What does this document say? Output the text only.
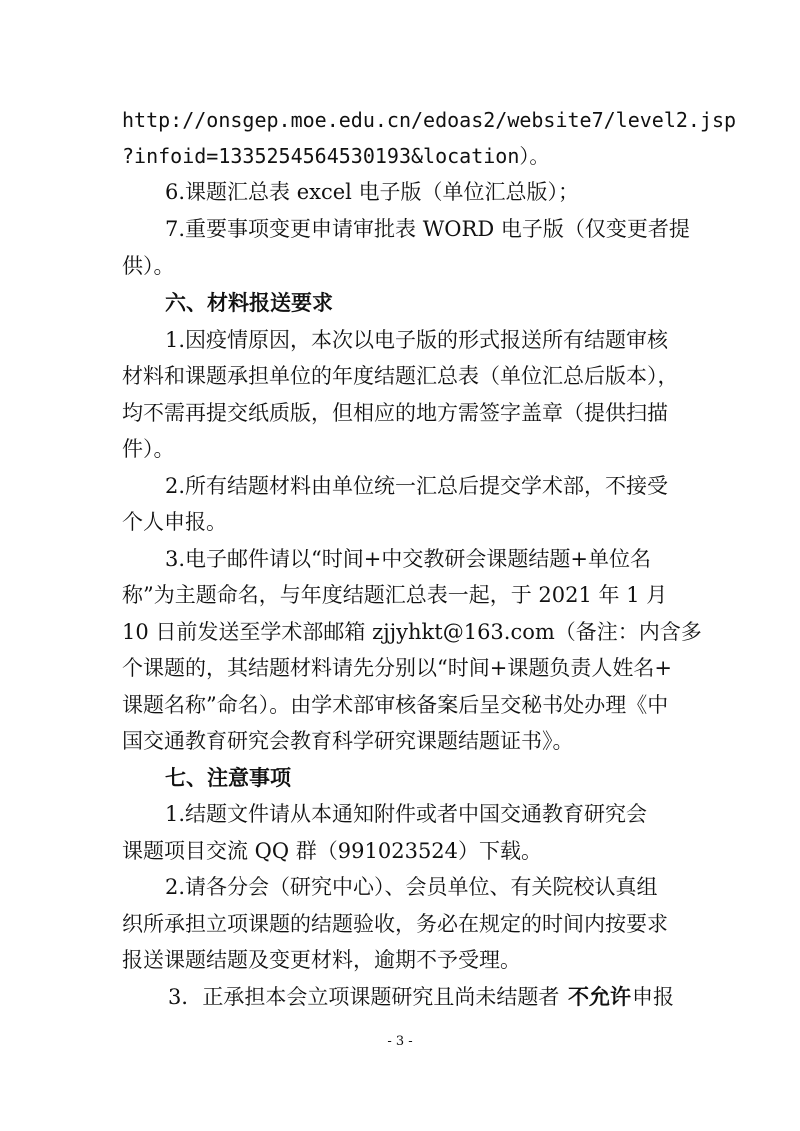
http://onsgep.moe.edu.cn/edoas2/website7/level2.jsp
?infoid=1335254564530193&location）。
6.课题汇总表 excel 电子版（单位汇总版）；
7.重要事项变更申请审批表 WORD 电子版（仅变更者提
供）。
六、材料报送要求
1.因疫情原因，本次以电子版的形式报送所有结题审核
材料和课题承担单位的年度结题汇总表（单位汇总后版本），
均不需再提交纸质版，但相应的地方需签字盖章（提供扫描
件）。
2.所有结题材料由单位统一汇总后提交学术部，不接受
个人申报。
3.电子邮件请以“时间+中交教研会课题结题+单位名
称”为主题命名，与年度结题汇总表一起，于 2021 年 1 月
10 日前发送至学术部邮箱 zjjyhkt@163.com（备注：内含多
个课题的，其结题材料请先分别以“时间+课题负责人姓名+
课题名称”命名）。由学术部审核备案后呈交秘书处办理《中
国交通教育研究会教育科学研究课题结题证书》。
七、注意事项
1.结题文件请从本通知附件或者中国交通教育研究会
课题项目交流 QQ 群（991023524）下载。
2.请各分会（研究中心）、会员单位、有关院校认真组
织所承担立项课题的结题验收，务必在规定的时间内按要求
报送课题结题及变更材料，逾期不予受理。
3．正承担本会立项课题研究且尚未结题者 不允许 申报
- 3 -
